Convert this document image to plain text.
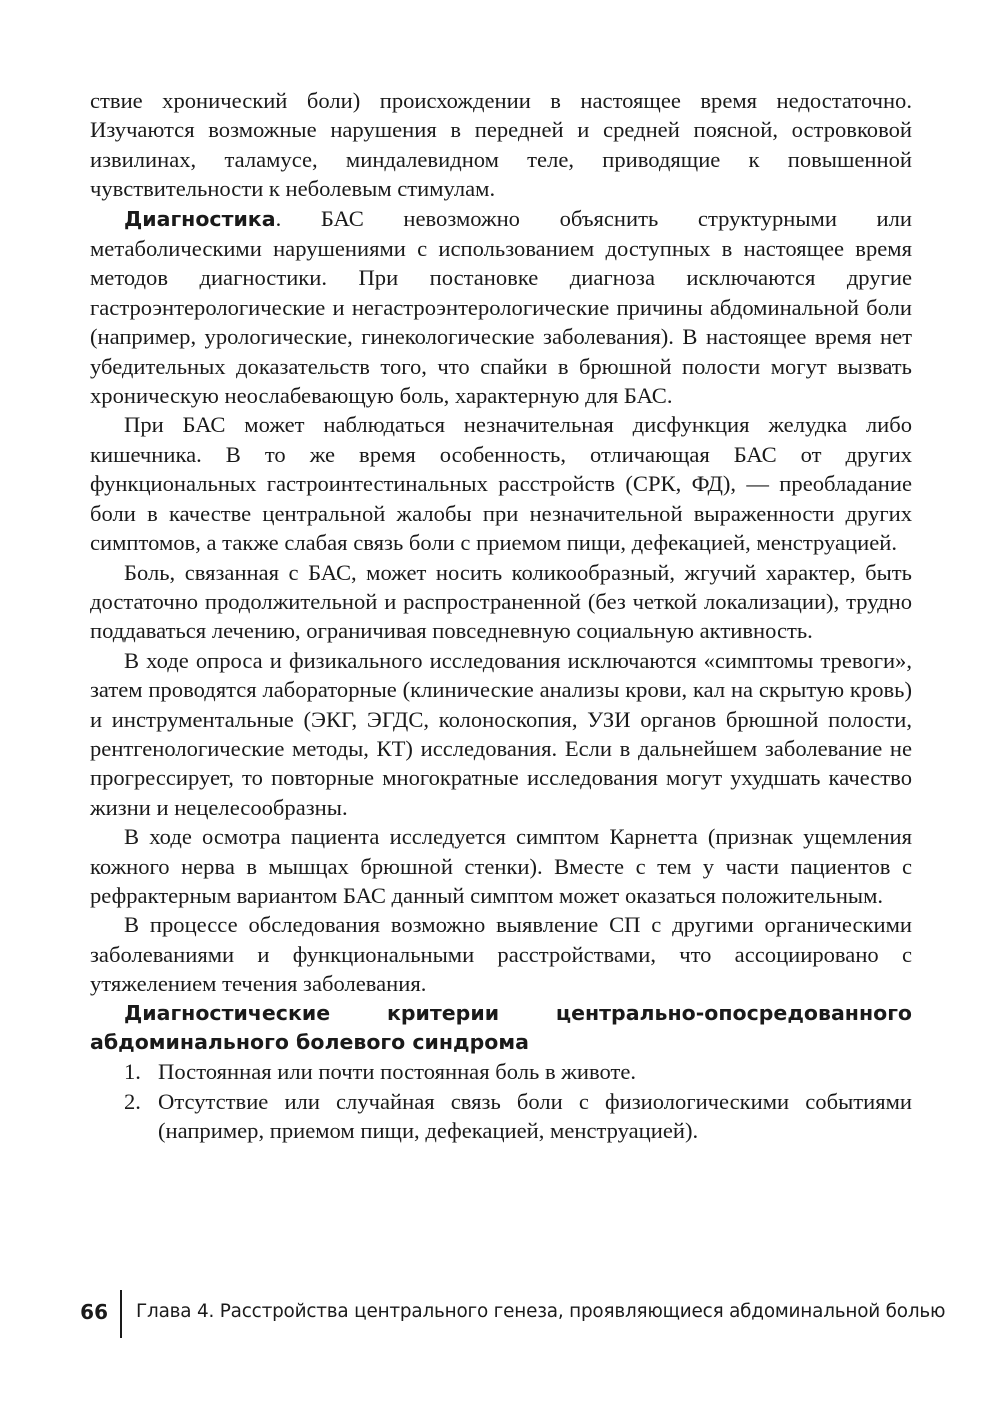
ствие хронический боли) происхождении в настоящее время недостаточно. Изучаются возможные нарушения в передней и средней поясной, островковой извилинах, таламусе, миндалевидном теле, приводящие к повышенной чувствительности к неболевым стимулам.

Диагностика. БАС невозможно объяснить структурными или метаболическими нарушениями с использованием доступных в настоящее время методов диагностики. При постановке диагноза исключаются другие гастроэнтерологические и негастроэнтерологические причины абдоминальной боли (например, урологические, гинекологические заболевания). В настоящее время нет убедительных доказательств того, что спайки в брюшной полости могут вызвать хроническую неослабевающую боль, характерную для БАС.

При БАС может наблюдаться незначительная дисфункция желудка либо кишечника. В то же время особенность, отличающая БАС от других функциональных гастроинтестинальных расстройств (СРК, ФД), — преобладание боли в качестве центральной жалобы при незначительной выраженности других симптомов, а также слабая связь боли с приемом пищи, дефекацией, менструацией.

Боль, связанная с БАС, может носить коликообразный, жгучий характер, быть достаточно продолжительной и распространенной (без четкой локализации), трудно поддаваться лечению, ограничивая повседневную социальную активность.

В ходе опроса и физикального исследования исключаются «симптомы тревоги», затем проводятся лабораторные (клинические анализы крови, кал на скрытую кровь) и инструментальные (ЭКГ, ЭГДС, колоноскопия, УЗИ органов брюшной полости, рентгенологические методы, КТ) исследования. Если в дальнейшем заболевание не прогрессирует, то повторные многократные исследования могут ухудшать качество жизни и нецелесообразны.

В ходе осмотра пациента исследуется симптом Карнетта (признак ущемления кожного нерва в мышцах брюшной стенки). Вместе с тем у части пациентов с рефрактерным вариантом БАС данный симптом может оказаться положительным.

В процессе обследования возможно выявление СП с другими органическими заболеваниями и функциональными расстройствами, что ассоциировано с утяжелением течения заболевания.

Диагностические критерии центрально-опосредованного абдоминального болевого синдрома

1. Постоянная или почти постоянная боль в животе.
2. Отсутствие или случайная связь боли с физиологическими событиями (например, приемом пищи, дефекацией, менструацией).
66 Глава 4. Расстройства центрального генеза, проявляющиеся абдоминальной болью
